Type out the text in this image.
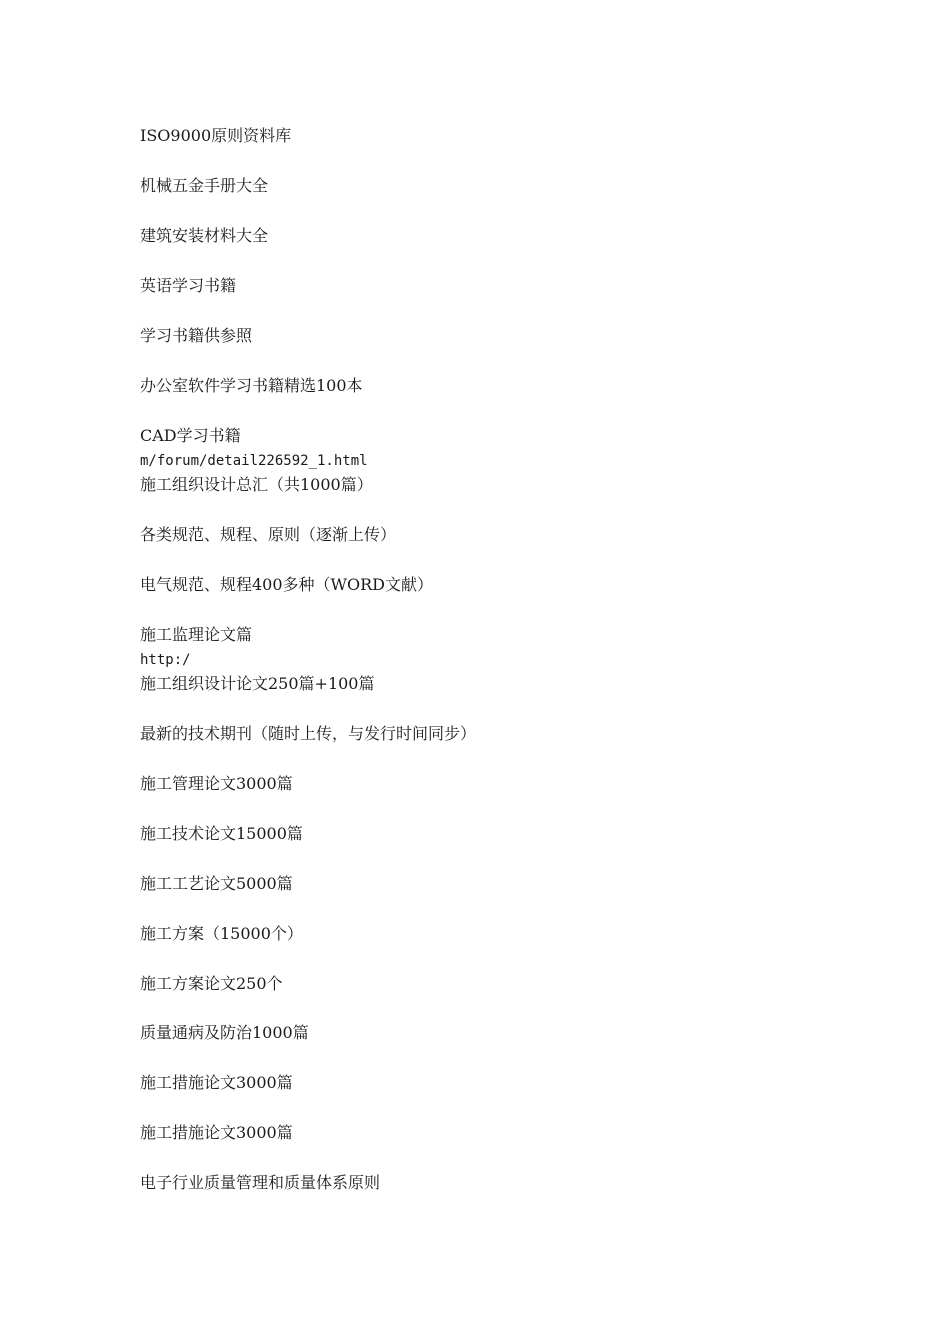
ISO9000原则资料库
机械五金手册大全
建筑安装材料大全
英语学习书籍
学习书籍供参照
办公室软件学习书籍精选100本
CAD学习书籍
m/forum/detail226592_1.html
施工组织设计总汇（共1000篇）
各类规范、规程、原则（逐渐上传）
电气规范、规程400多种（WORD文献）
施工监理论文篇
http:/
施工组织设计论文250篇+100篇
最新的技术期刊（随时上传，与发行时间同步）
施工管理论文3000篇
施工技术论文15000篇
施工工艺论文5000篇
施工方案（15000个）
施工方案论文250个
质量通病及防治1000篇
施工措施论文3000篇
施工措施论文3000篇
电子行业质量管理和质量体系原则
